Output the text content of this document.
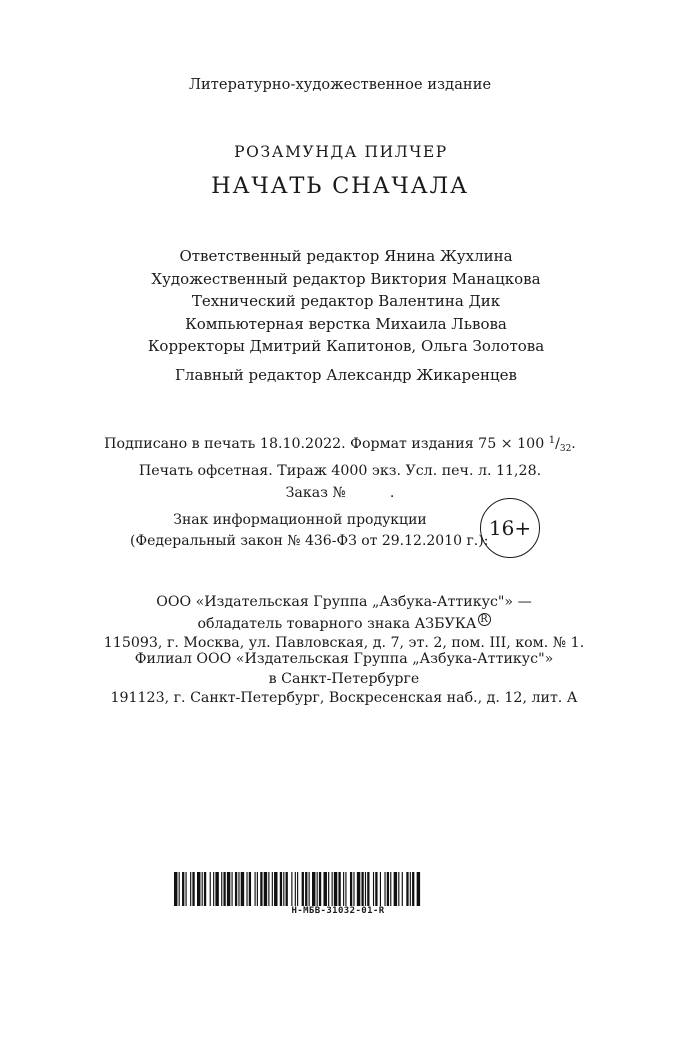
Литературно-художественное издание
РОЗАМУНДА ПИЛЧЕР
НАЧАТЬ СНАЧАЛА
Ответственный редактор Янина Жухлина
Художественный редактор Виктория Манацкова
Технический редактор Валентина Дик
Компьютерная верстка Михаила Львова
Корректоры Дмитрий Капитонов, Ольга Золотова
Главный редактор Александр Жикаренцев
Подписано в печать 18.10.2022. Формат издания 75 × 100 $^1/_{32}$.
Печать офсетная. Тираж 4000 экз. Усл. печ. л. 11,28.
Заказ №	.
Знак информационной продукции
(Федеральный закон № 436-ФЗ от 29.12.2010 г.):
16+
ООО «Издательская Группа „Азбука-Аттикус"» —
обладатель товарного знака АЗБУКА R
115093, г. Москва, ул. Павловская, д. 7, эт. 2, пом. III, ком. № 1.
Филиал ООО «Издательская Группа „Азбука-Аттикус"»
в Санкт-Петербурге
191123, г. Санкт-Петербург, Воскресенская наб., д. 12, лит. А
Н-МБВ-31032-01-R
